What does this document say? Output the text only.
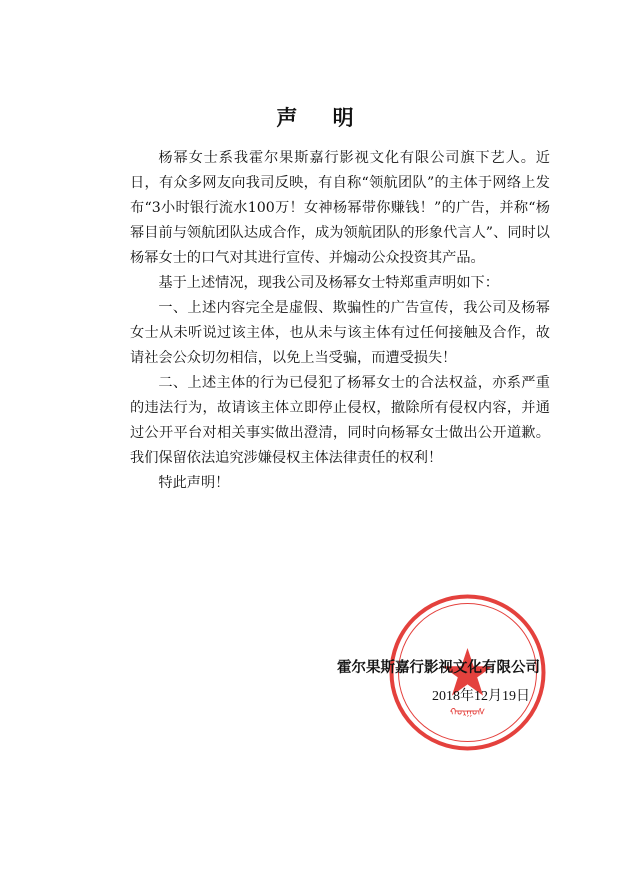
声 明

杨幂女士系我霍尔果斯嘉行影视文化有限公司旗下艺人。近日，有众多网友向我司反映，有自称“领航团队”的主体于网络上发布“3小时银行流水100万！女神杨幂带你赚钱！”的广告，并称“杨幂目前与领航团队达成合作，成为领航团队的形象代言人”、同时以杨幂女士的口气对其进行宣传、并煽动公众投资其产品。

基于上述情况，现我公司及杨幂女士特郑重声明如下：

一、上述内容完全是虚假、欺骗性的广告宣传，我公司及杨幂女士从未听说过该主体，也从未与该主体有过任何接触及合作，故请社会公众切勿相信，以免上当受骗，而遭受损失！

二、上述主体的行为已侵犯了杨幂女士的合法权益，亦系严重的违法行为，故请该主体立即停止侵权，撤除所有侵权内容，并通过公开平台对相关事实做出澄清，同时向杨幂女士做出公开道歉。我们保留依法追究涉嫌侵权主体法律责任的权利！

特此声明！

ᠬᠣᠷᠭᠣᠰ
霍尔果斯嘉行影视文化有限公司
2018年12月19日
